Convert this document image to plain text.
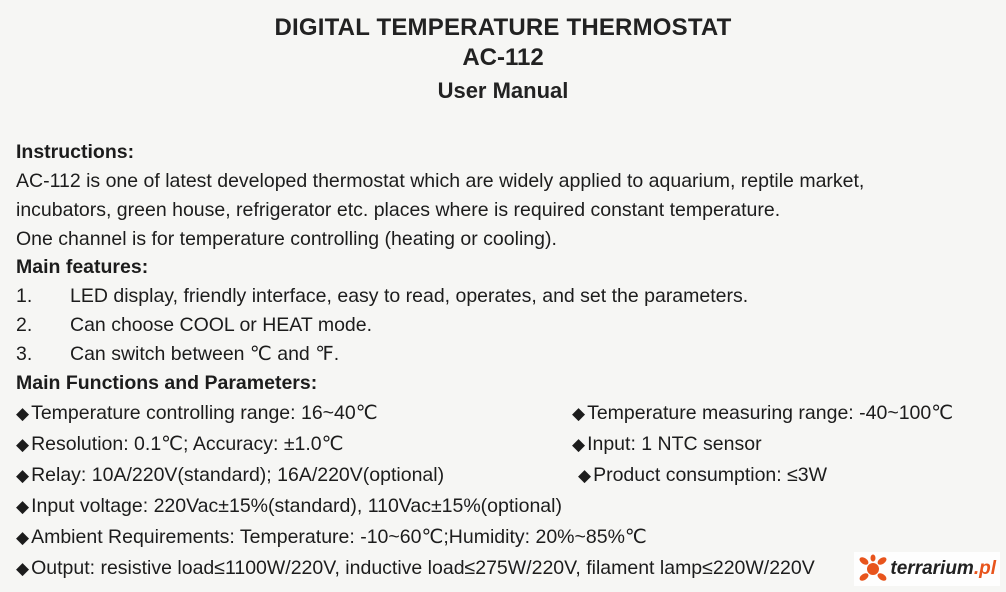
DIGITAL TEMPERATURE THERMOSTAT
AC-112
User Manual
Instructions:
AC-112 is one of latest developed thermostat which are widely applied to aquarium, reptile market,
incubators, green house, refrigerator etc. places where is required constant temperature.
One channel is for temperature controlling (heating or cooling).
Main features:
1. LED display, friendly interface, easy to read, operates, and set the parameters.
2. Can choose COOL or HEAT mode.
3. Can switch between ℃ and ℉.
Main Functions and Parameters:
◆ Temperature controlling range: 16~40℃	◆ Temperature measuring range: -40~100℃
◆ Resolution: 0.1℃; Accuracy: ±1.0℃	◆ Input: 1 NTC sensor
◆ Relay: 10A/220V(standard); 16A/220V(optional)	◆ Product consumption: ≤3W
◆ Input voltage: 220Vac±15%(standard), 110Vac±15%(optional)
◆ Ambient Requirements: Temperature: -10~60℃;Humidity: 20%~85%℃
◆ Output: resistive load≤1100W/220V, inductive load≤275W/220V, filament lamp≤220W/220V	terrarium.pl
